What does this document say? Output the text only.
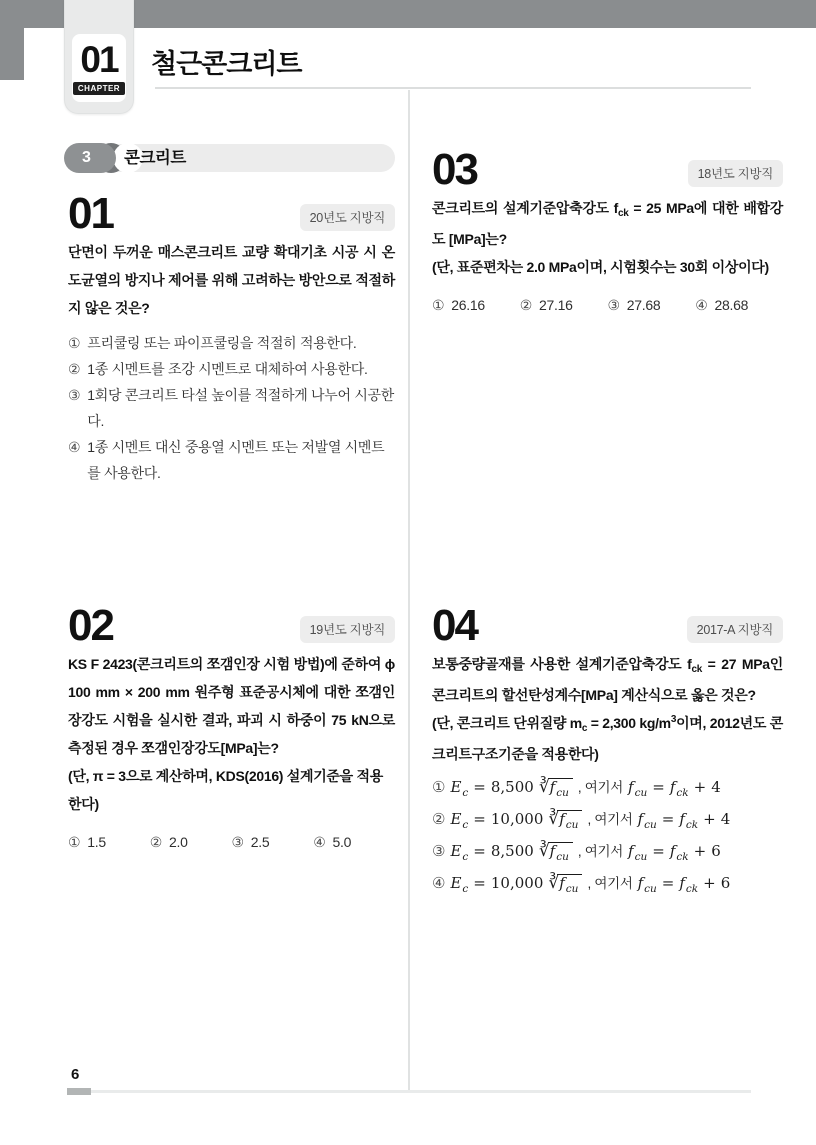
01
CHAPTER
철근콘크리트
3	콘크리트
01	20년도 지방직
단면이 두꺼운 매스콘크리트 교량 확대기초 시공 시 온도균열의 방지나 제어를 위해 고려하는 방안으로 적절하지 않은 것은?
① 프리쿨링 또는 파이프쿨링을 적절히 적용한다.
② 1종 시멘트를 조강 시멘트로 대체하여 사용한다.
③ 1회당 콘크리트 타설 높이를 적절하게 나누어 시공한다.
④ 1종 시멘트 대신 중용열 시멘트 또는 저발열 시멘트를 사용한다.
02	19년도 지방직
KS F 2423(콘크리트의 쪼갬인장 시험 방법)에 준하여 ϕ 100 mm × 200 mm 원주형 표준공시체에 대한 쪼갬인장강도 시험을 실시한 결과, 파괴 시 하중이 75 kN으로 측정된 경우 쪼갬인장강도[MPa]는?
(단, π = 3으로 계산하며, KDS(2016) 설계기준을 적용한다)
① 1.5	② 2.0	③ 2.5	④ 5.0
03	18년도 지방직
콘크리트의 설계기준압축강도 $f_{ck} = 25$ MPa에 대한 배합강도 [MPa]는?
(단, 표준편차는 2.0 MPa이며, 시험횟수는 30회 이상이다)
① 26.16	② 27.16	③ 27.68	④ 28.68
04	2017-A 지방직
보통중량골재를 사용한 설계기준압축강도 $f_{ck} = 27$ MPa인 콘크리트의 할선탄성계수[MPa] 계산식으로 옳은 것은?
(단, 콘크리트 단위질량 $m_c = 2,300$ $kg/m^3$이며, 2012년도 콘크리트구조기준을 적용한다)
① $E_c = 8,500$ $∛f_{cu}$ , 여기서 $f_{cu} = f_{ck} + 4$
② $E_c = 10,000$ $∛f_{cu}$ , 여기서 $f_{cu} = f_{ck} + 4$
③ $E_c = 8,500$ $∛f_{cu}$ , 여기서 $f_{cu} = f_{ck} + 6$
④ $E_c = 10,000$ $∛f_{cu}$ , 여기서 $f_{cu} = f_{ck} + 6$
6
